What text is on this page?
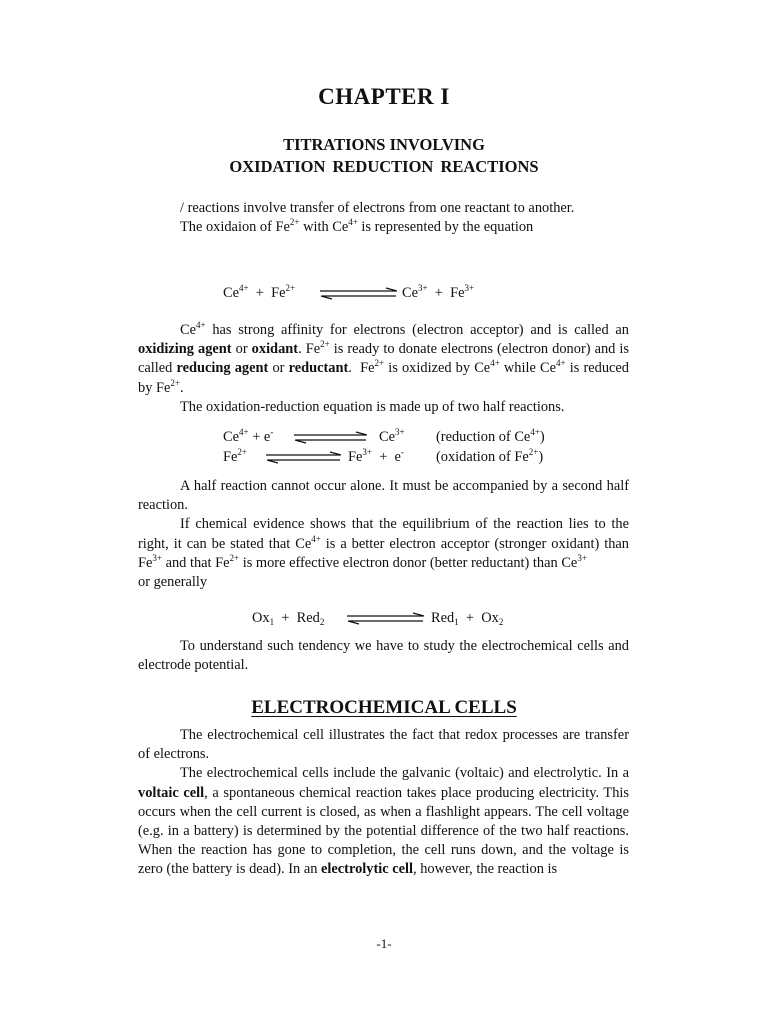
CHAPTER I
TITRATIONS INVOLVING
OXIDATION REDUCTION REACTIONS

/ reactions involve transfer of electrons from one reactant to another.

The oxidaion of $Fe^{2+}$ with $Ce^{4+}$ is represented by the equation

$Ce^{4+} + Fe^{2+}$	$Ce^{3+} + Fe^{3+}$

$Ce^{4+}$ has strong affinity for electrons (electron acceptor) and is called an oxidizing agent or oxidant. $Fe^{2+}$ is ready to donate electrons (electron donor) and is called reducing agent or reductant.  $Fe^{2+}$ is oxidized by $Ce^{4+}$ while $Ce^{4+}$ is reduced by $Fe^{2+}$.

The oxidation-reduction equation is made up of two half reactions.

$Ce^{4+} + e^-$	$Ce^{3+}$ (reduction of $Ce^{4+}$)
$Fe^{2+}$	$Fe^{3+} + e^-$ (oxidation of $Fe^{2+}$)

A half reaction cannot occur alone. It must be accompanied by a second half reaction.

If chemical evidence shows that the equilibrium of the reaction lies to the right, it can be stated that $Ce^{4+}$ is a better electron acceptor (stronger oxidant) than $Fe^{3+}$ and that $Fe^{2+}$ is more effective electron donor (better reductant) than $Ce^{3+}$

or generally

$Ox_1 + Red_2$	$Red_1 + Ox_2$

To understand such tendency we have to study the electrochemical cells and electrode potential.

ELECTROCHEMICAL CELLS

The electrochemical cell illustrates the fact that redox processes are transfer of electrons.

The electrochemical cells include the galvanic (voltaic) and electrolytic. In a voltaic cell, a spontaneous chemical reaction takes place producing electricity. This occurs when the cell current is closed, as when a flashlight appears. The cell voltage (e.g. in a battery) is determined by the potential difference of the two half reactions. When the reaction has gone to completion, the cell runs down, and the voltage is zero (the battery is dead). In an electrolytic cell, however, the reaction is

-1-
